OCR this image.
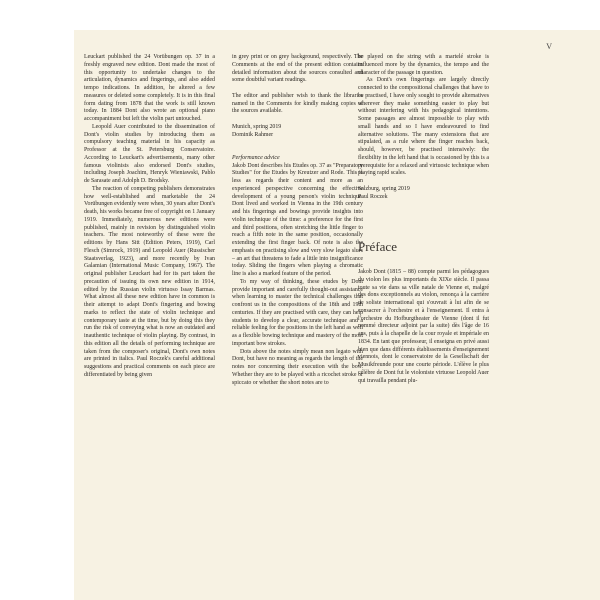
V

Leuckart published the 24 Vorübungen op. 37 in a freshly engraved new edition. Dont made the most of this opportunity to undertake changes to the articulation, dynamics and fingerings, and also added tempo indications. In addition, he altered a few measures or deleted some completely. It is in this final form dating from 1878 that the work is still known today. In 1884 Dont also wrote an optional piano accompaniment but left the violin part untouched.

Leopold Auer contributed to the dissemination of Dont's violin studies by introducing them as compulsory teaching material in his capacity as Professor at the St. Petersburg Conservatoire. According to Leuckart's advertisements, many other famous violinists also endorsed Dont's studies, including Joseph Joachim, Henryk Wieniawski, Pablo de Sarasate and Adolph D. Brodsky.

The reaction of competing publishers demonstrates how well-established and marketable the 24 Vorübungen evidently were when, 30 years after Dont's death, his works became free of copyright on 1 January 1919. Immediately, numerous new editions were published, mainly in revision by distinguished violin teachers. The most noteworthy of these were the editions by Hans Sitt (Edition Peters, 1919), Carl Flesch (Simrock, 1919) and Leopold Auer (Russischer Staatsverlag, 1923), and more recently by Ivan Galamian (International Music Company, 1967). The original publisher Leuckart had for its part taken the precaution of issuing its own new edition in 1914, edited by the Russian violin virtuoso Issay Barmas. What almost all these new edition have in common is their attempt to adapt Dont's fingering and bowing marks to reflect the state of violin technique and contemporary taste at the time, but by doing this they run the risk of conveying what is now an outdated and inauthentic technique of violin playing. By contrast, in this edition all the details of performing technique are taken from the composer's original, Dont's own notes are printed in italics. Paul Roczek's careful additional suggestions and practical comments on each piece are differentiated by being given

in grey print or on grey background, respectively. The Comments at the end of the present edition contains detailed information about the sources consulted and some doubtful variant readings.

The editor and publisher wish to thank the libraries named in the Comments for kindly making copies of the sources available.

Munich, spring 2019

Dominik Rahmer

Performance advice

Jakob Dont describes his Etudes op. 37 as "Preparatory Studies" for the Etudes by Kreutzer and Rode. This is less as regards their content and more as an experienced perspective concerning the effective development of a young person's violin technique. Dont lived and worked in Vienna in the 19th century and his fingerings and bowings provide insights into violin technique of the time: a preference for the first and third positions, often stretching the little finger to reach a fifth note in the same position, occasionally extending the first finger back. Of note is also the emphasis on practising slow and very slow legato slurs – an art that threatens to fade a little into insignificance today. Sliding the fingers when playing a chromatic line is also a marked feature of the period.

To my way of thinking, these etudes by Dont provide important and carefully thought-out assistance when learning to master the technical challenges that confront us in the compositions of the 18th and 19th centuries. If they are practised with care, they can help students to develop a clear, accurate technique and a reliable feeling for the positions in the left hand as well as a flexible bowing technique and mastery of the most important bow strokes.

Dots above the notes simply mean non legato with Dont, but have no meaning as regards the length of the notes nor concerning their execution with the bow. Whether they are to be played with a ricochet stroke or spiccato or whether the short notes are to

be played on the string with a martelé stroke is influenced more by the dynamics, the tempo and the character of the passage in question.

As Dont's own fingerings are largely directly connected to the compositional challenges that have to be practised, I have only sought to provide alternatives wherever they make something easier to play but without interfering with his pedagogical intentions. Some passages are almost impossible to play with small hands and so I have endeavoured to find alternative solutions. The many extensions that are stipulated, as a rule where the finger reaches back, should, however, be practised intensively: the flexibility in the left hand that is occasioned by this is a prerequisite for a relaxed and virtuosic technique when playing rapid scales.

Salzburg, spring 2019

Paul Roczek

Préface

Jakob Dont (1815 – 88) compte parmi les pédagogues du violon les plus importants du XIXe siècle. Il passa toute sa vie dans sa ville natale de Vienne et, malgré des dons exceptionnels au violon, renonça à la carrière de soliste international qui s'ouvrait à lui afin de se consacrer à l'orchestre et à l'enseignement. Il entra à l'orchestre du Hofburgtheater de Vienne (dont il fut nommé directeur adjoint par la suite) dès l'âge de 16 ans, puis à la chapelle de la cour royale et impériale en 1834. En tant que professeur, il enseigna en privé aussi bien que dans différents établissements d'enseignement viennois, dont le conservatoire de la Gesellschaft der Musikfreunde pour une courte période. L'élève le plus célèbre de Dont fut le violoniste virtuose Leopold Auer qui travailla pendant plu-
